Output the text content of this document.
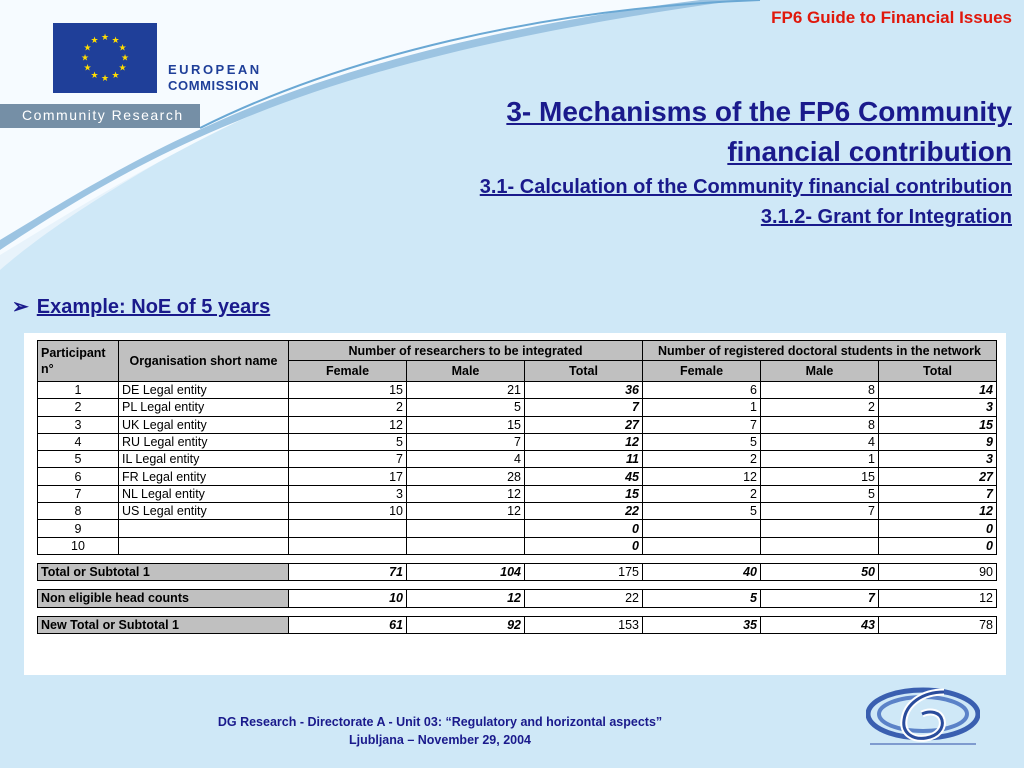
FP6 Guide to Financial Issues
★ ★
★
★
★
★
★
★
★
★
★
★
EUROPEAN
COMMISSION
Community Research	3- Mechanisms of the FP6 Community
financial contribution
3.1- Calculation of the Community financial contribution
3.1.2- Grant for Integration
➢ Example: NoE of 5 years
Participant n°	Organisation short name	Number of researchers to be integrated			Number of registered doctoral students in the network		
		Female	Male	Total	Female	Male	Total
1	DE Legal entity	15	21	36	6	8	14
2	PL Legal entity	2	5	7	1	2	3
3	UK Legal entity	12	15	27	7	8	15
4	RU Legal entity	5	7	12	5	4	9
5	IL Legal entity	7	4	11	2	1	3
6	FR Legal entity	17	28	45	12	15	27
7	NL Legal entity	3	12	15	2	5	7
8	US Legal entity	10	12	22	5	7	12
9				0			0
10				0			0

Total or Subtotal 1		71	104	175	40	50	90

Non eligible head counts		10	12	22	5	7	12

New Total or Subtotal 1		61	92	153	35	43	78
DG Research - Directorate A - Unit 03: “Regulatory and horizontal aspects”
Ljubljana – November 29, 2004
